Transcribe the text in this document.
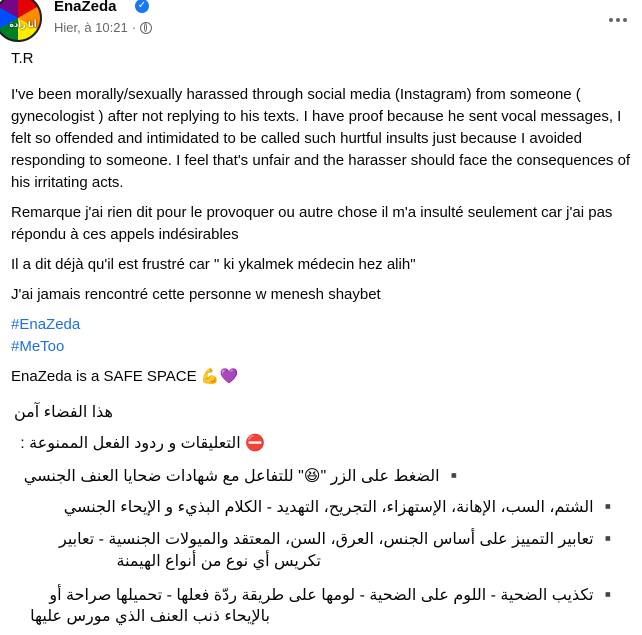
أنا زادة
EnaZeda ✓
Hier, à 10:21 ·

T.R

I've been morally/sexually harassed through social media (Instagram) from someone ( gynecologist ) after not replying to his texts. I have proof because he sent vocal messages, I felt so offended and intimidated to be called such hurtful insults just because I avoided responding to someone. I feel that's unfair and the harasser should face the consequences of his irritating acts.

Remarque j'ai rien dit pour le provoquer ou autre chose il m'a insulté seulement car j'ai pas répondu à ces appels indésirables

Il a dit déjà qu'il est frustré car " ki ykalmek médecin hez alih"

J'ai jamais rencontré cette personne w menesh shaybet

#EnaZeda

#MeToo

EnaZeda is a SAFE SPACE 💪💜

هذا الفضاء آمن
⛔ التعليقات و ردود الفعل الممنوعة :
▪️ الضغط على الزر "😆" للتفاعل مع شهادات ضحايا العنف الجنسي
▪️ الشتم، السب، الإهانة، الإستهزاء، التجريح، التهديد - الكلام البذيء و الإيحاء الجنسي
▪️ تعابير التمييز على أساس الجنس، العرق، السن، المعتقد والميولات الجنسية - تعابير
تكريس أي نوع من أنواع الهيمنة
▪️ تكذيب الضحية - اللوم على الضحية - لومها على طريقة ردّة فعلها - تحميلها صراحة أو
بالإيحاء ذنب العنف الذي مورس عليها
